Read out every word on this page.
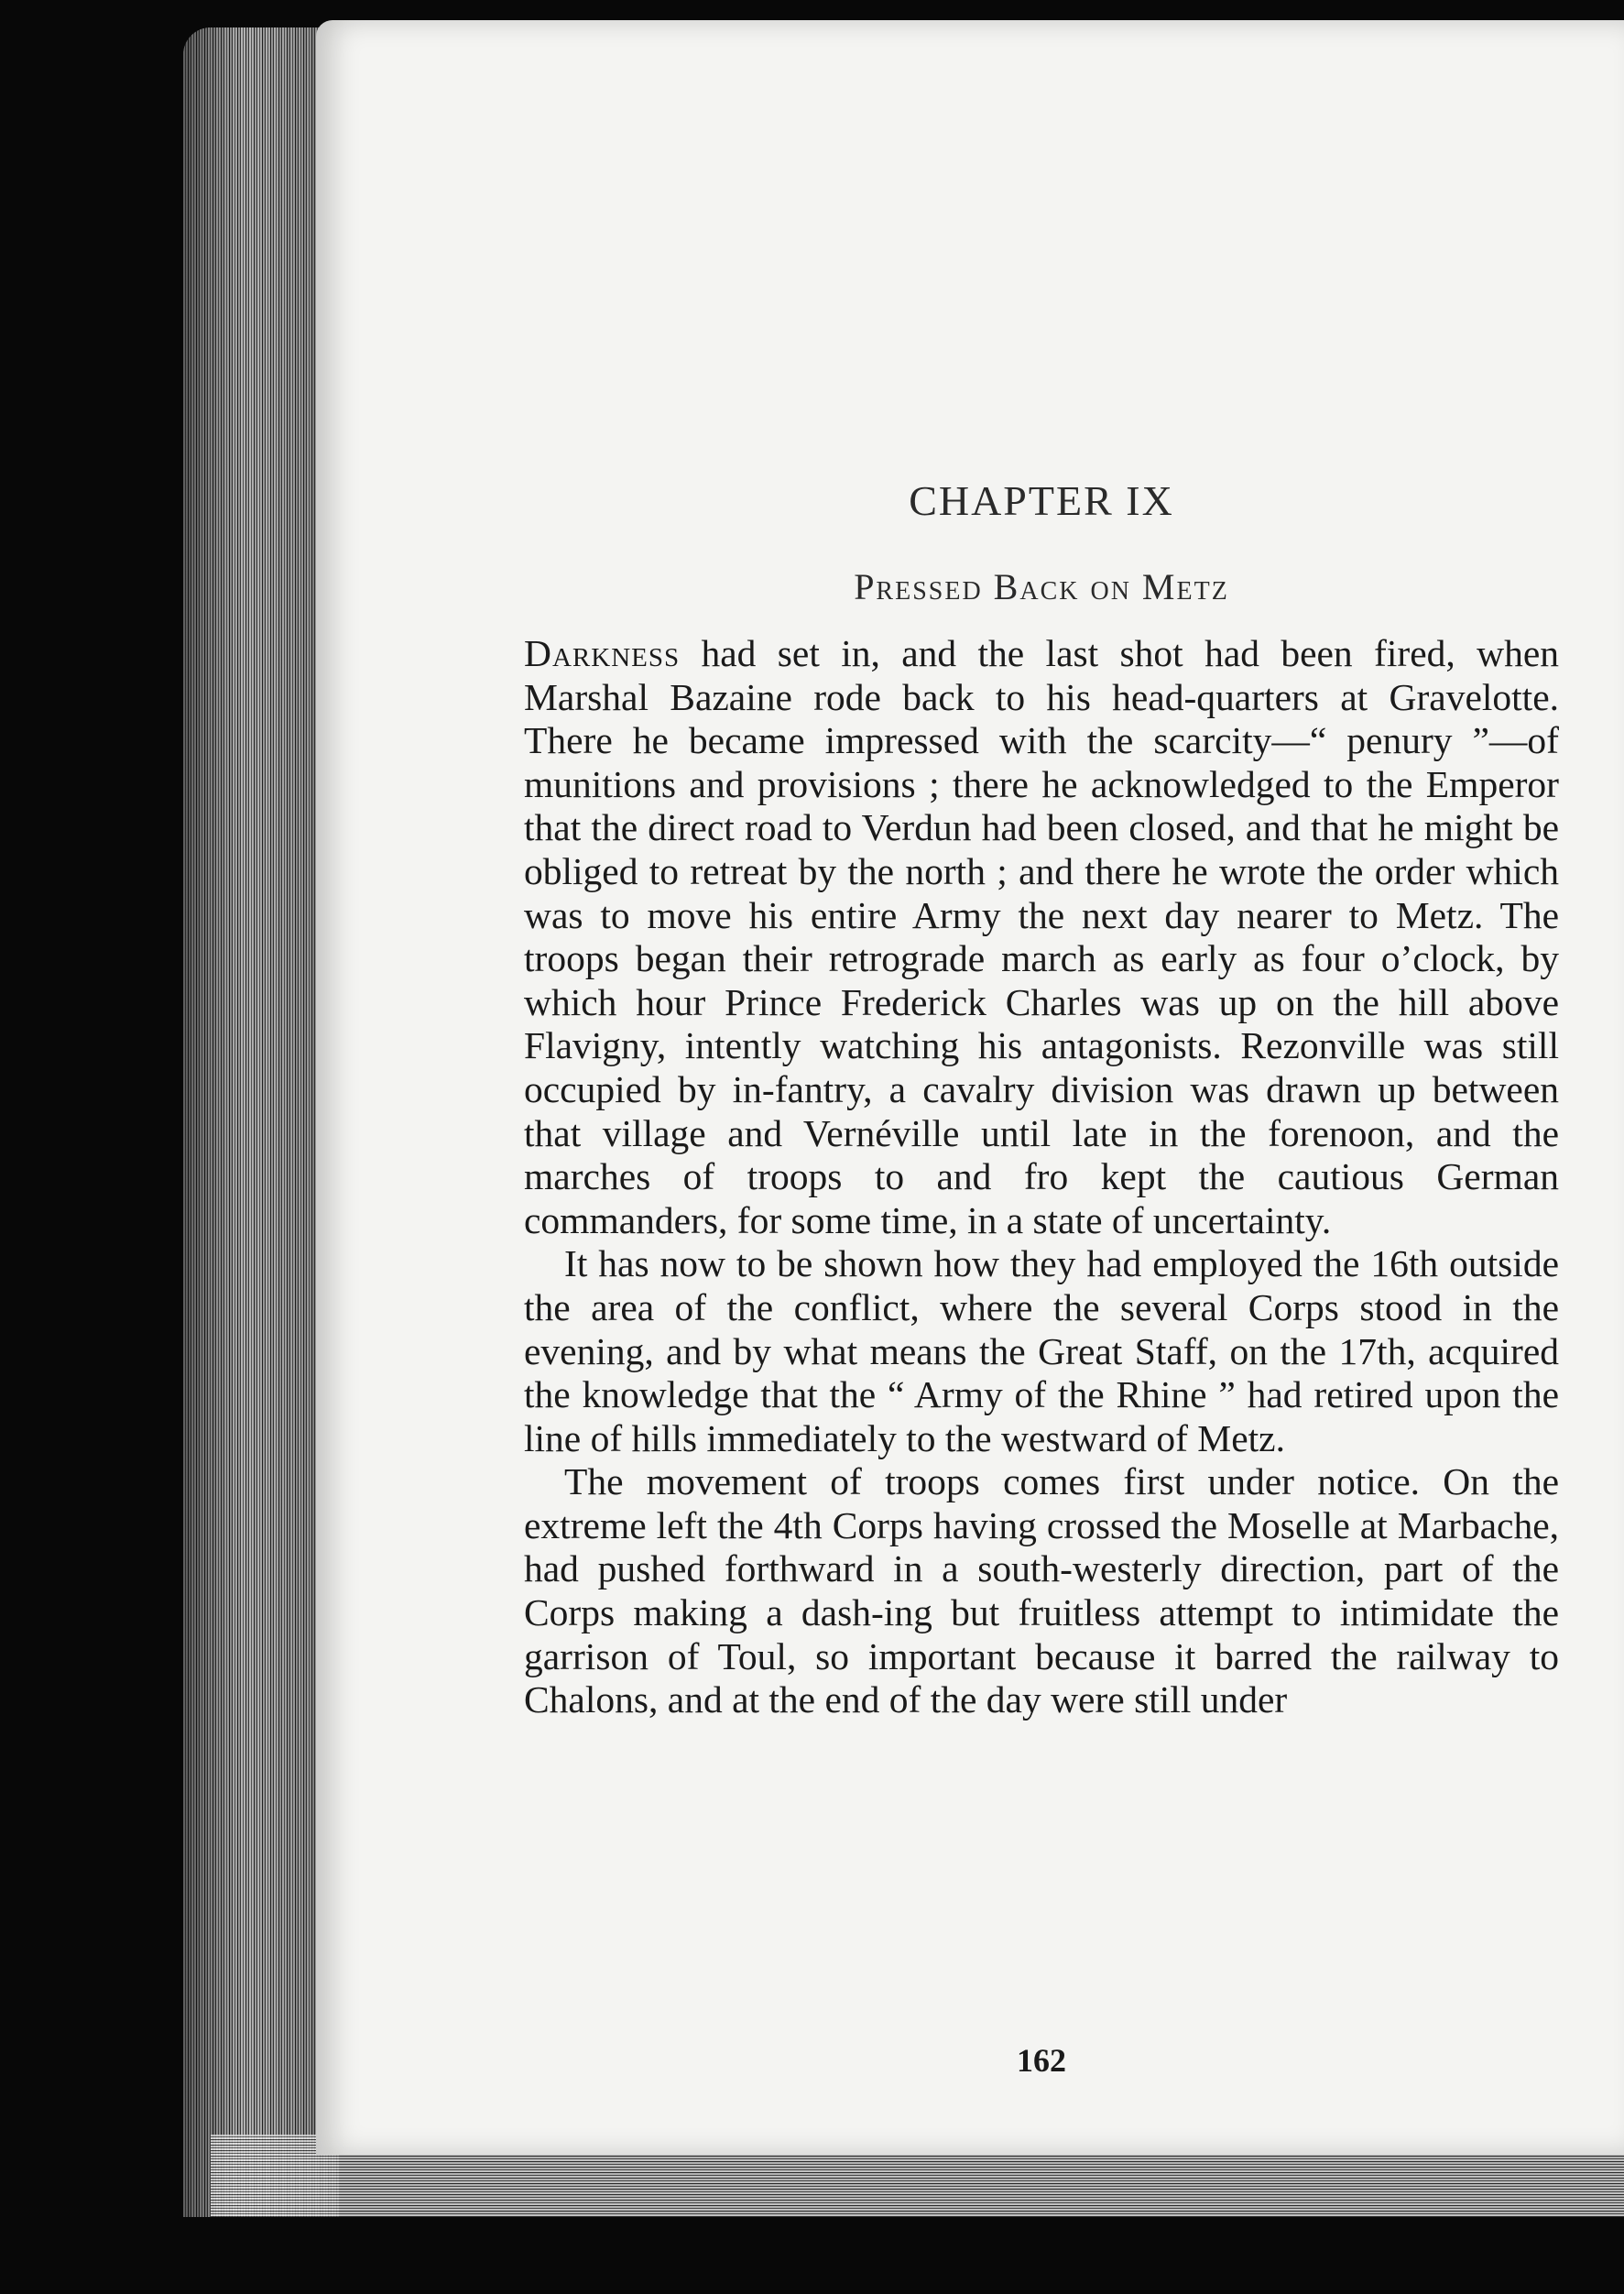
CHAPTER IX
Pressed Back on Metz

Darkness had set in, and the last shot had been fired, when Marshal Bazaine rode back to his head-quarters at Gravelotte. There he became impressed with the scarcity—“ penury ”—of munitions and provisions ; there he acknowledged to the Emperor that the direct road to Verdun had been closed, and that he might be obliged to retreat by the north ; and there he wrote the order which was to move his entire Army the next day nearer to Metz. The troops began their retrograde march as early as four o’clock, by which hour Prince Frederick Charles was up on the hill above Flavigny, intently watching his antagonists. Rezonville was still occupied by in-fantry, a cavalry division was drawn up between that village and Vernéville until late in the forenoon, and the marches of troops to and fro kept the cautious German commanders, for some time, in a state of uncertainty.

It has now to be shown how they had employed the 16th outside the area of the conflict, where the several Corps stood in the evening, and by what means the Great Staff, on the 17th, acquired the knowledge that the “ Army of the Rhine ” had retired upon the line of hills immediately to the westward of Metz.

The movement of troops comes first under notice. On the extreme left the 4th Corps having crossed the Moselle at Marbache, had pushed forthward in a south-westerly direction, part of the Corps making a dash-ing but fruitless attempt to intimidate the garrison of Toul, so important because it barred the railway to Chalons, and at the end of the day were still under

162
